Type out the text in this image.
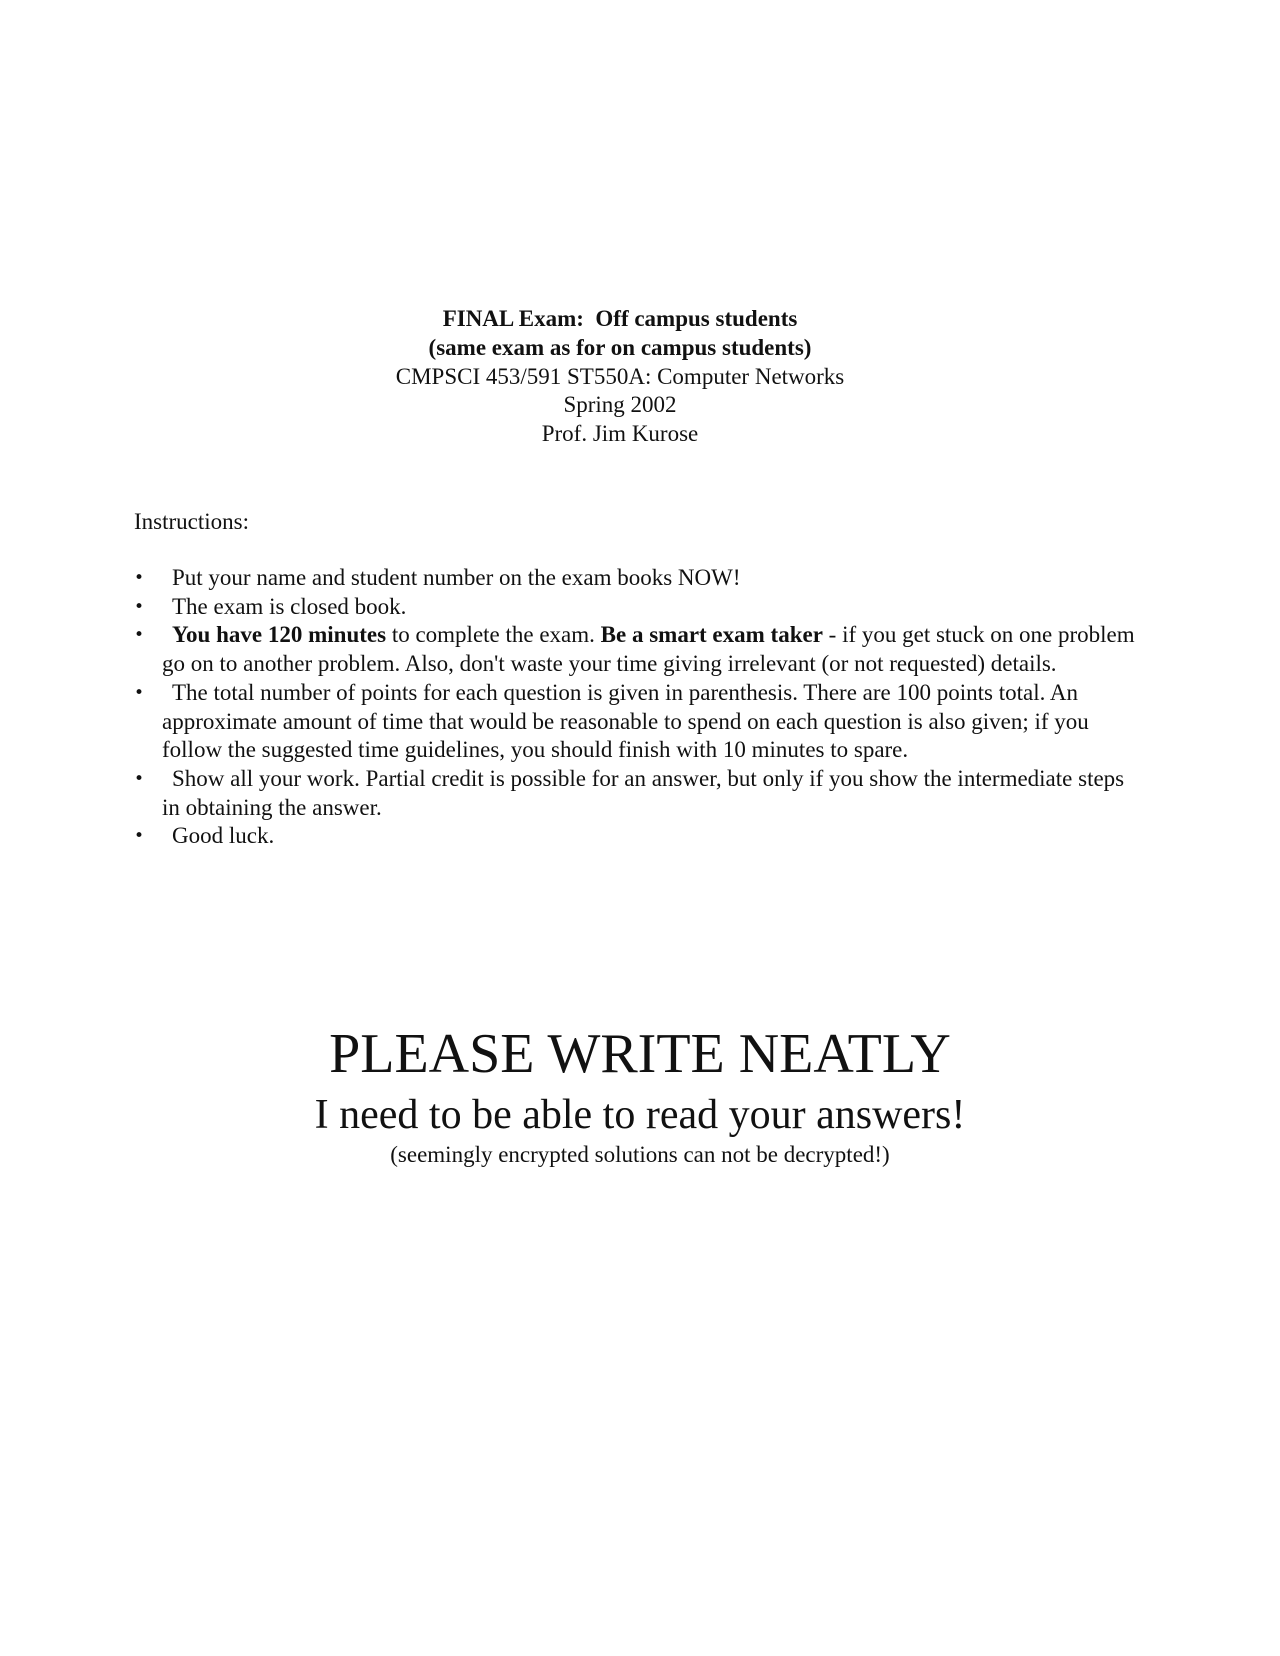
FINAL Exam:  Off campus students
(same exam as for on campus students)
CMPSCI 453/591 ST550A: Computer Networks
Spring 2002
Prof. Jim Kurose
Instructions:
•	Put your name and student number on the exam books NOW!
•	The exam is closed book.
•	You have 120 minutes to complete the exam. Be a smart exam taker - if you get stuck on one problem go on to another problem. Also, don't waste your time giving irrelevant (or not requested) details.
•	The total number of points for each question is given in parenthesis. There are 100 points total. An approximate amount of time that would be reasonable to spend on each question is also given; if you follow the suggested time guidelines, you should finish with 10 minutes to spare.
•	Show all your work. Partial credit is possible for an answer, but only if you show the intermediate steps in obtaining the answer.
•	Good luck.
PLEASE WRITE NEATLY
I need to be able to read your answers!
(seemingly encrypted solutions can not be decrypted!)
